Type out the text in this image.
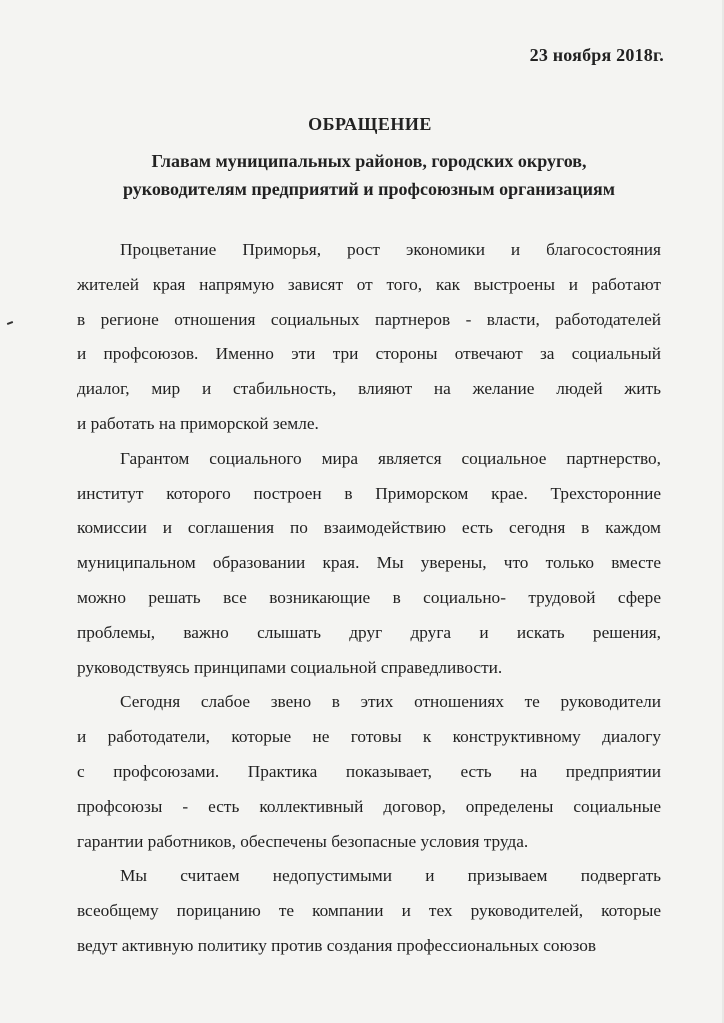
23 ноября 2018г.
ОБРАЩЕНИЕ
Главам муниципальных районов, городских округов,
руководителям предприятий и профсоюзным организациям
Процветание Приморья, рост экономики и благосостояния
жителей края напрямую зависят от того, как выстроены и работают
в регионе отношения социальных партнеров - власти, работодателей
и профсоюзов. Именно эти три стороны отвечают за социальный
диалог, мир и стабильность, влияют на желание людей жить
и работать на приморской земле.
Гарантом социального мира является социальное партнерство,
институт которого построен в Приморском крае. Трехсторонние
комиссии и соглашения по взаимодействию есть сегодня в каждом
муниципальном образовании края. Мы уверены, что только вместе
можно решать все возникающие в социально- трудовой сфере
проблемы, важно слышать друг друга и искать решения,
руководствуясь принципами социальной справедливости.
Сегодня слабое звено в этих отношениях те руководители
и работодатели, которые не готовы к конструктивному диалогу
с профсоюзами. Практика показывает, есть на предприятии
профсоюзы - есть коллективный договор, определены социальные
гарантии работников, обеспечены безопасные условия труда.
Мы считаем недопустимыми и призываем подвергать
всеобщему порицанию те компании и тех руководителей, которые
ведут активную политику против создания профессиональных союзов
